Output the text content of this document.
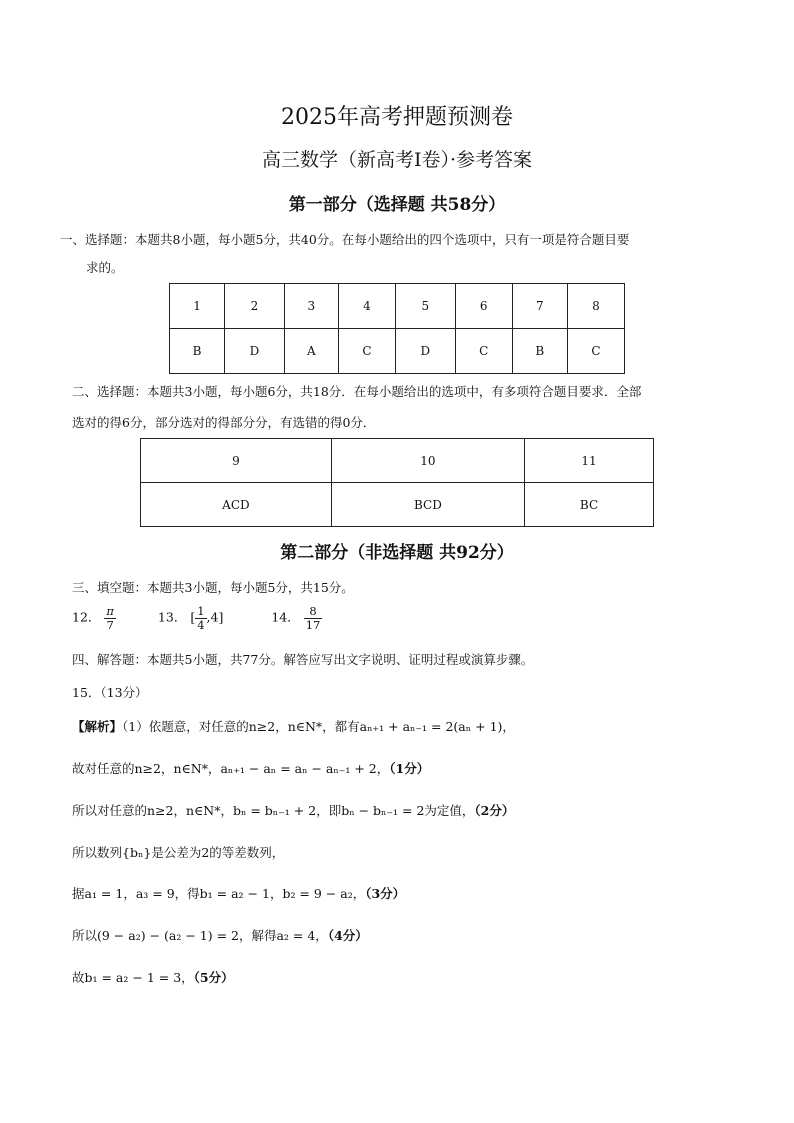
2025年高考押题预测卷
高三数学（新高考Ⅰ卷）·参考答案
第一部分（选择题 共58分）
一、选择题：本题共8小题，每小题5分，共40分。在每小题给出的四个选项中，只有一项是符合题目要
求的。
1	2	3	4	5	6	7	8
B	D	A	C	D	C	B	C
二、选择题：本题共3小题，每小题6分，共18分．在每小题给出的选项中，有多项符合题目要求．全部
选对的得6分，部分选对的得部分分，有选错的得0分．
9	10	11
ACD	BCD	BC
第二部分（非选择题 共92分）
三、填空题：本题共3小题，每小题5分，共15分。
12． $\frac{\pi}{7}$	13． [ $\frac{1}{4} ,4$]	14． $\frac{8}{17}$
四、解答题：本题共5小题，共77分。解答应写出文字说明、证明过程或演算步骤。
15．（13分）
【解析】（1）依题意，对任意的n≥2，n∈N*，都有aₙ₊₁ + aₙ₋₁ = 2(aₙ + 1)，
故对任意的n≥2，n∈N*，aₙ₊₁ − aₙ = aₙ − aₙ₋₁ + 2，（1分）
所以对任意的n≥2，n∈N*，bₙ = bₙ₋₁ + 2，即bₙ − bₙ₋₁ = 2为定值，（2分）
所以数列{bₙ}是公差为2的等差数列，
据a₁ = 1，a₃ = 9，得b₁ = a₂ − 1，b₂ = 9 − a₂，（3分）
所以(9 − a₂) − (a₂ − 1) = 2，解得a₂ = 4，（4分）
故b₁ = a₂ − 1 = 3，（5分）
